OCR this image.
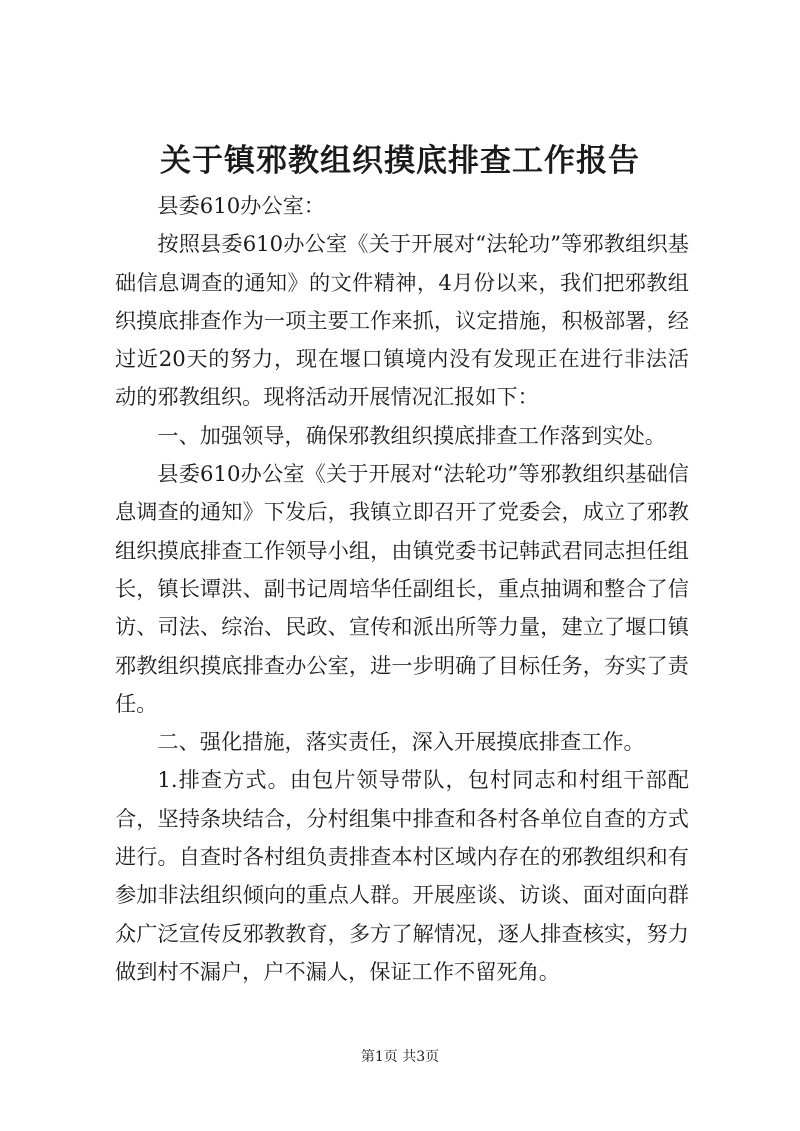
关于镇邪教组织摸底排查工作报告

县委610办公室：

按照县委610办公室《关于开展对“法轮功”等邪教组织基础信息调查的通知》的文件精神，4月份以来，我们把邪教组织摸底排查作为一项主要工作来抓，议定措施，积极部署，经过近20天的努力，现在堰口镇境内没有发现正在进行非法活动的邪教组织。现将活动开展情况汇报如下：

一、加强领导，确保邪教组织摸底排查工作落到实处。

县委610办公室《关于开展对“法轮功”等邪教组织基础信息调查的通知》下发后，我镇立即召开了党委会，成立了邪教组织摸底排查工作领导小组，由镇党委书记韩武君同志担任组长，镇长谭洪、副书记周培华任副组长，重点抽调和整合了信访、司法、综治、民政、宣传和派出所等力量，建立了堰口镇邪教组织摸底排查办公室，进一步明确了目标任务，夯实了责任。

二、强化措施，落实责任，深入开展摸底排查工作。

1.排查方式。由包片领导带队，包村同志和村组干部配合，坚持条块结合，分村组集中排查和各村各单位自查的方式进行。自查时各村组负责排查本村区域内存在的邪教组织和有参加非法组织倾向的重点人群。开展座谈、访谈、面对面向群众广泛宣传反邪教教育，多方了解情况，逐人排查核实，努力做到村不漏户，户不漏人，保证工作不留死角。

第1页 共3页
